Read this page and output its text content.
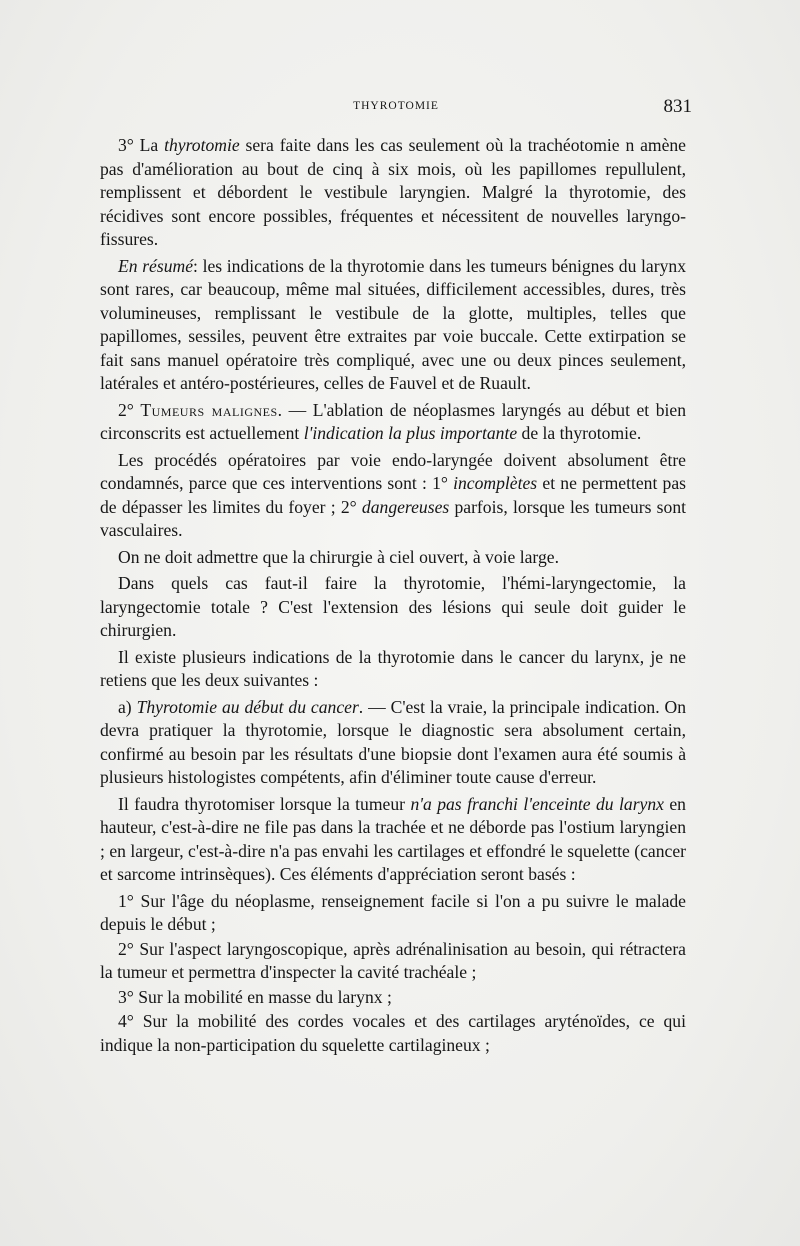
THYROTOMIE	831

3° La thyrotomie sera faite dans les cas seulement où la trachéotomie n amène pas d'amélioration au bout de cinq à six mois, où les papillomes repullulent, remplissent et débordent le vestibule laryngien. Malgré la thyrotomie, des récidives sont encore possibles, fréquentes et nécessitent de nouvelles laryngo-fissures.

En résumé: les indications de la thyrotomie dans les tumeurs bénignes du larynx sont rares, car beaucoup, même mal situées, difficilement accessibles, dures, très volumineuses, remplissant le vestibule de la glotte, multiples, telles que papillomes, sessiles, peuvent être extraites par voie buccale. Cette extirpation se fait sans manuel opératoire très compliqué, avec une ou deux pinces seulement, latérales et antéro-postérieures, celles de Fauvel et de Ruault.

2° Tumeurs malignes. — L'ablation de néoplasmes laryngés au début et bien circonscrits est actuellement l'indication la plus importante de la thyrotomie.

Les procédés opératoires par voie endo-laryngée doivent absolument être condamnés, parce que ces interventions sont : 1° incomplètes et ne permettent pas de dépasser les limites du foyer ; 2° dangereuses parfois, lorsque les tumeurs sont vasculaires.

On ne doit admettre que la chirurgie à ciel ouvert, à voie large.

Dans quels cas faut-il faire la thyrotomie, l'hémi-laryngectomie, la laryngectomie totale ? C'est l'extension des lésions qui seule doit guider le chirurgien.

Il existe plusieurs indications de la thyrotomie dans le cancer du larynx, je ne retiens que les deux suivantes :

a) Thyrotomie au début du cancer. — C'est la vraie, la principale indication. On devra pratiquer la thyrotomie, lorsque le diagnostic sera absolument certain, confirmé au besoin par les résultats d'une biopsie dont l'examen aura été soumis à plusieurs histologistes compétents, afin d'éliminer toute cause d'erreur.

Il faudra thyrotomiser lorsque la tumeur n'a pas franchi l'enceinte du larynx en hauteur, c'est-à-dire ne file pas dans la trachée et ne déborde pas l'ostium laryngien ; en largeur, c'est-à-dire n'a pas envahi les cartilages et effondré le squelette (cancer et sarcome intrinsèques). Ces éléments d'appréciation seront basés :

1° Sur l'âge du néoplasme, renseignement facile si l'on a pu suivre le malade depuis le début ;

2° Sur l'aspect laryngoscopique, après adrénalinisation au besoin, qui rétractera la tumeur et permettra d'inspecter la cavité trachéale ;

3° Sur la mobilité en masse du larynx ;

4° Sur la mobilité des cordes vocales et des cartilages aryténoïdes, ce qui indique la non-participation du squelette cartilagineux ;
